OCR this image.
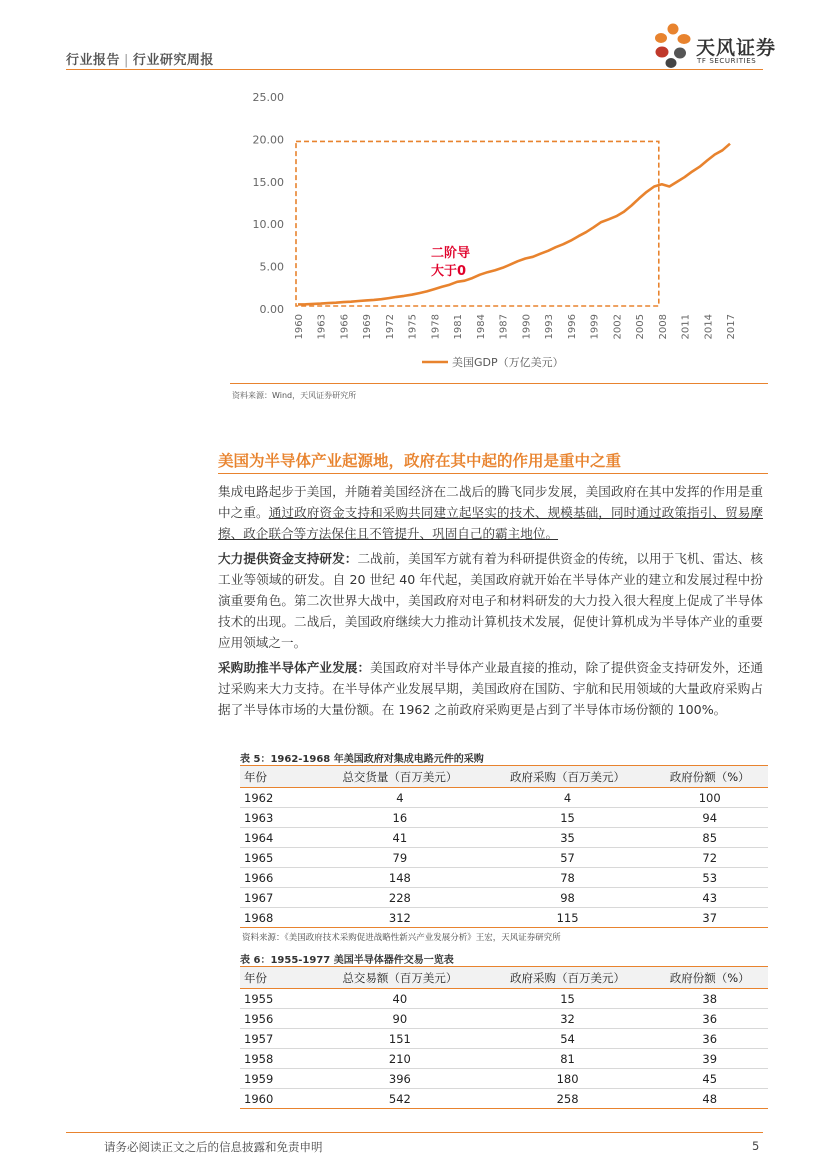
行业报告 | 行业研究周报
天风证券
TF SECURITIES
25.00
20.00
15.00
10.00
5.00
0.00
1960 1963 1966 1969 1972 1975 1978 1981 1984 1987 1990 1993 1996 1999 2002 2005 2008 2011 2014 2017
二阶导
大于0
美国GDP（万亿美元）
资料来源：Wind，天风证券研究所
美国为半导体产业起源地，政府在其中起的作用是重中之重
集成电路起步于美国，并随着美国经济在二战后的腾飞同步发展，美国政府在其中发挥的作用是重中之重。通过政府资金支持和采购共同建立起坚实的技术、规模基础，同时通过政策指引、贸易摩擦、政企联合等方法保住且不管提升、巩固自己的霸主地位。
大力提供资金支持研发：二战前，美国军方就有着为科研提供资金的传统，以用于飞机、雷达、核工业等领域的研发。自 20 世纪 40 年代起，美国政府就开始在半导体产业的建立和发展过程中扮演重要角色。第二次世界大战中，美国政府对电子和材料研发的大力投入很大程度上促成了半导体技术的出现。二战后，美国政府继续大力推动计算机技术发展，促使计算机成为半导体产业的重要应用领域之一。
采购助推半导体产业发展：美国政府对半导体产业最直接的推动，除了提供资金支持研发外，还通过采购来大力支持。在半导体产业发展早期，美国政府在国防、宇航和民用领域的大量政府采购占据了半导体市场的大量份额。在 1962 之前政府采购更是占到了半导体市场份额的 100%。
表 5：1962-1968 年美国政府对集成电路元件的采购
年份	总交货量（百万美元）	政府采购（百万美元）	政府份额（%）
1962	4	4	100
1963	16	15	94
1964	41	35	85
1965	79	57	72
1966	148	78	53
1967	228	98	43
1968	312	115	37
资料来源：《美国政府技术采购促进战略性新兴产业发展分析》王宏，天风证券研究所
表 6：1955-1977 美国半导体器件交易一览表
年份	总交易额（百万美元）	政府采购（百万美元）	政府份额（%）
1955	40	15	38
1956	90	32	36
1957	151	54	36
1958	210	81	39
1959	396	180	45
1960	542	258	48
请务必阅读正文之后的信息披露和免责申明	5
